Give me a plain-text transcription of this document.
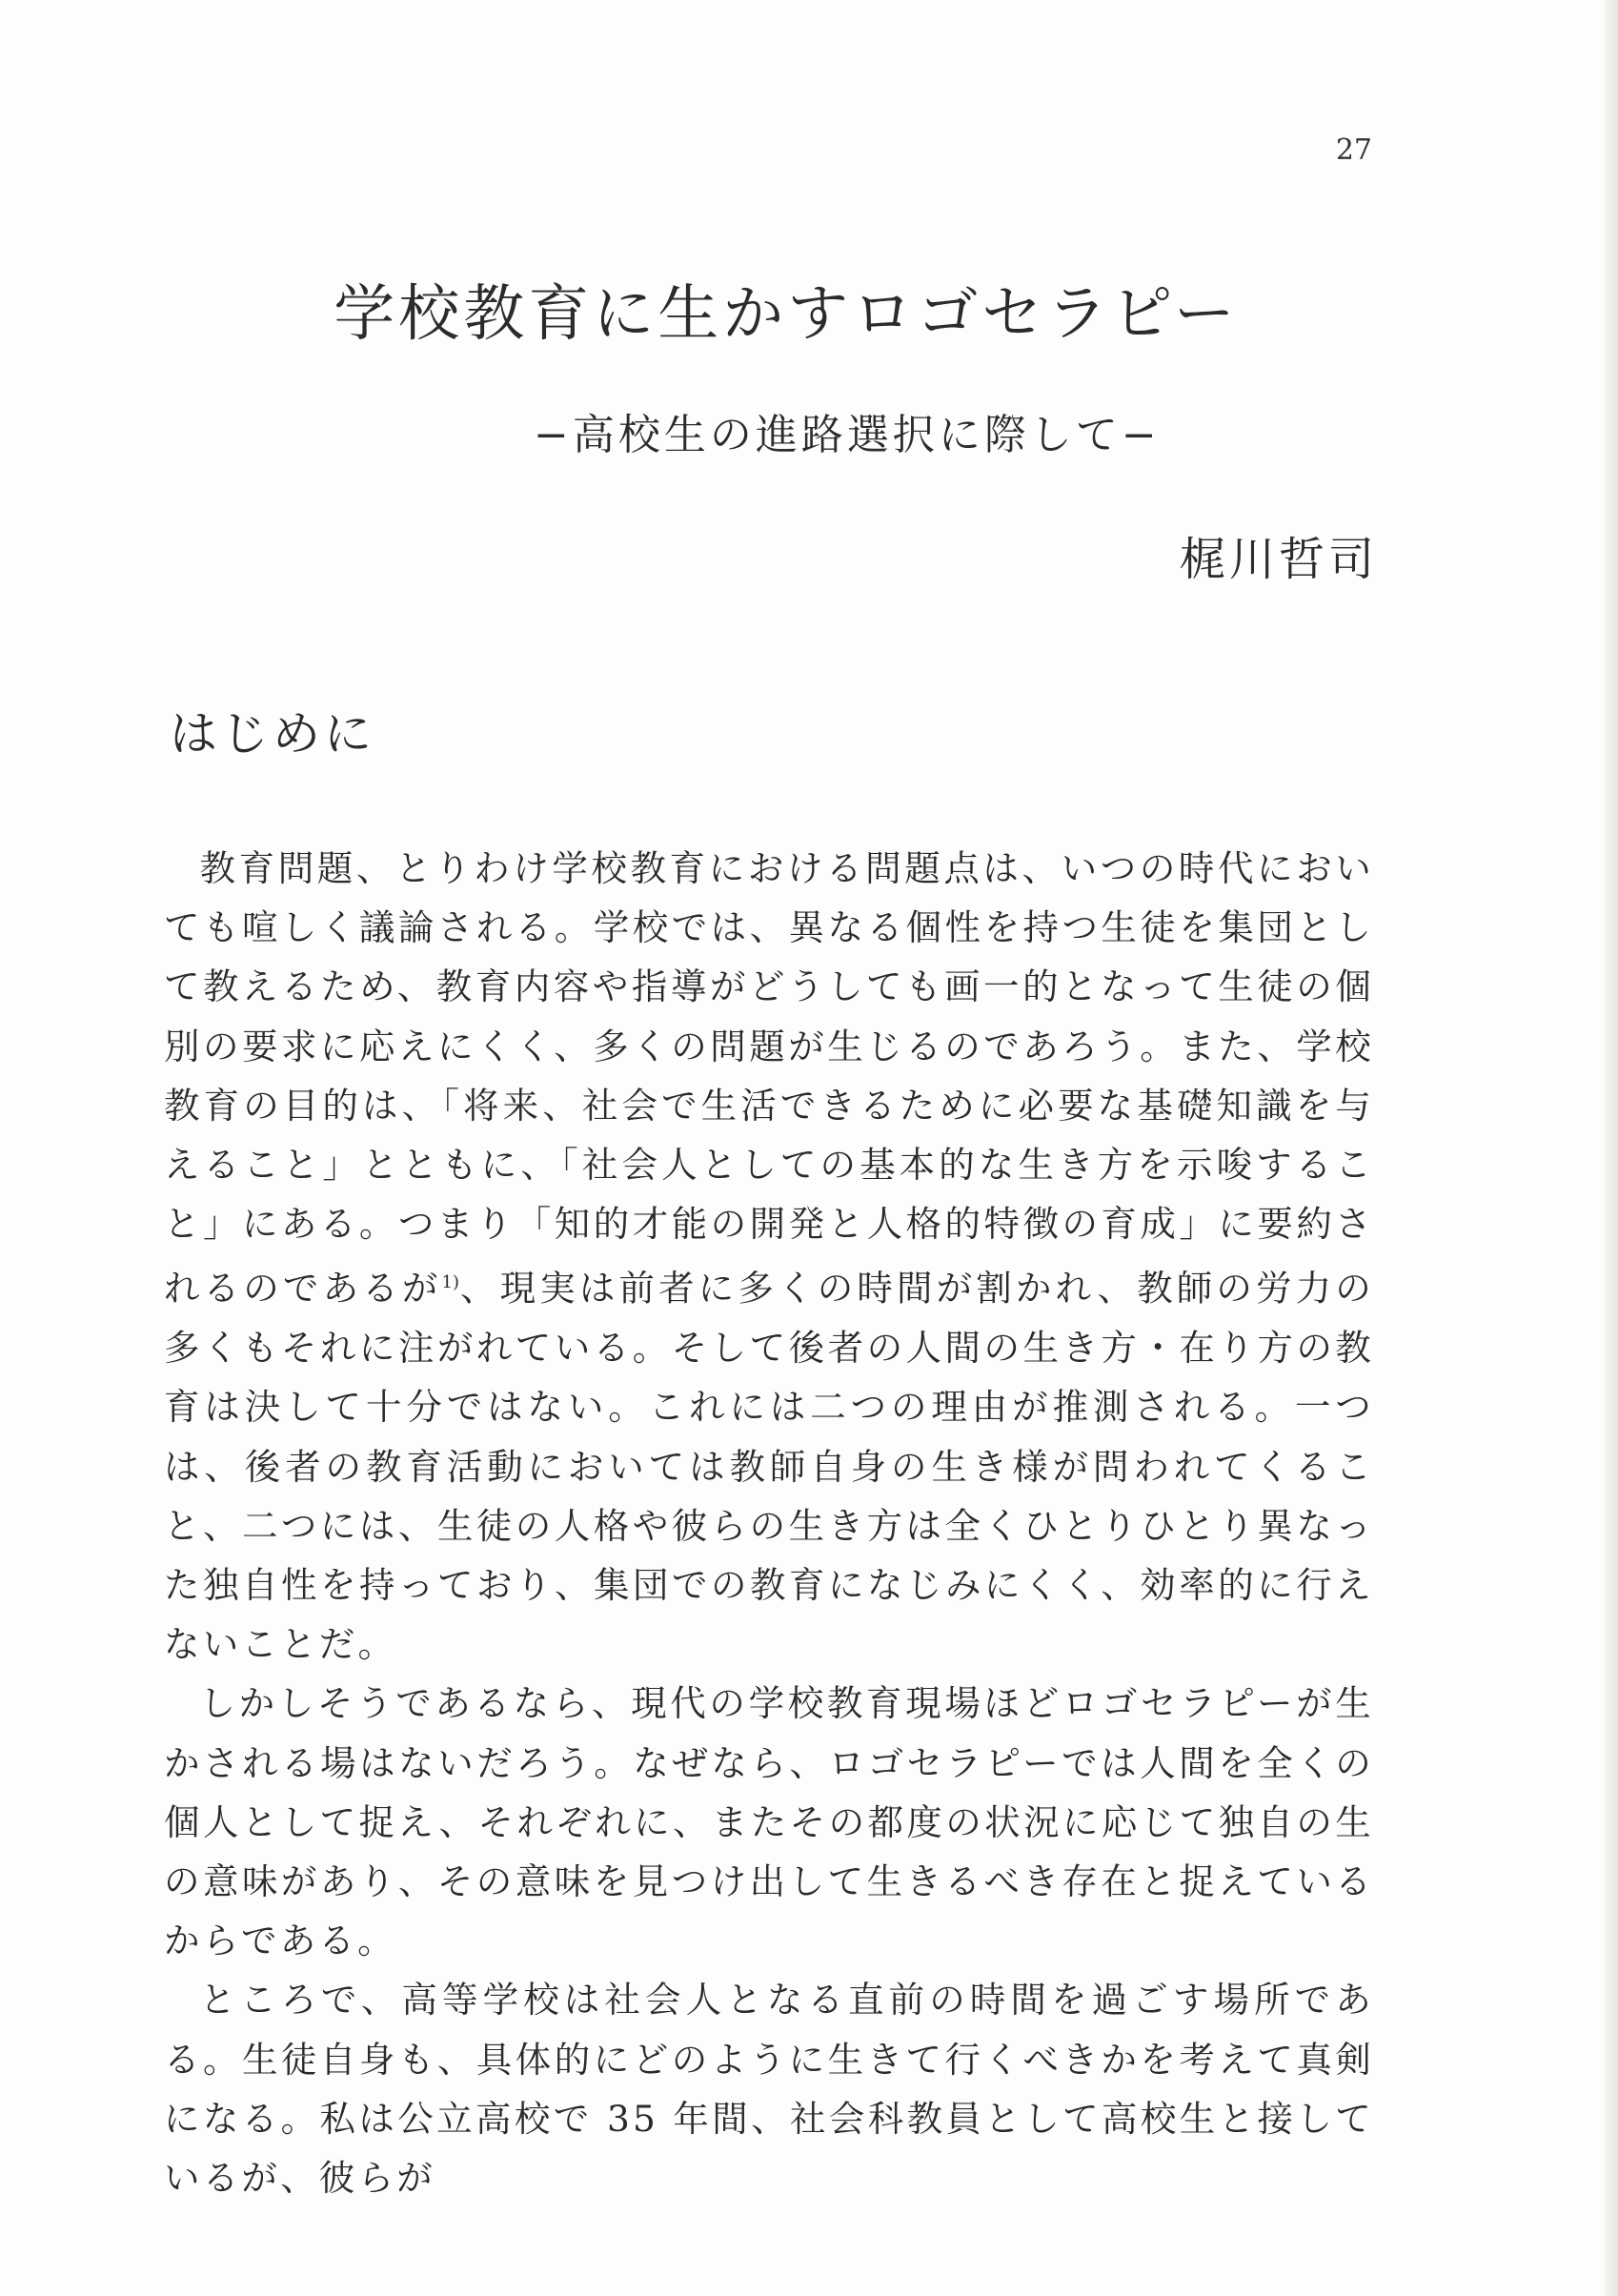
27
学校教育に生かすロゴセラピー
−高校生の進路選択に際して−
梶川哲司
はじめに

教育問題、とりわけ学校教育における問題点は、いつの時代においても喧しく議論される。学校では、異なる個性を持つ生徒を集団として教えるため、教育内容や指導がどうしても画一的となって生徒の個別の要求に応えにくく、多くの問題が生じるのであろう。また、学校教育の目的は、「将来、社会で生活できるために必要な基礎知識を与えること」とともに、「社会人としての基本的な生き方を示唆すること」にある。つまり「知的才能の開発と人格的特徴の育成」に要約されるのであるが$^{1)}$、現実は前者に多くの時間が割かれ、教師の労力の多くもそれに注がれている。そして後者の人間の生き方・在り方の教育は決して十分ではない。これには二つの理由が推測される。一つは、後者の教育活動においては教師自身の生き様が問われてくること、二つには、生徒の人格や彼らの生き方は全くひとりひとり異なった独自性を持っており、集団での教育になじみにくく、効率的に行えないことだ。

しかしそうであるなら、現代の学校教育現場ほどロゴセラピーが生かされる場はないだろう。なぜなら、ロゴセラピーでは人間を全くの個人として捉え、それぞれに、またその都度の状況に応じて独自の生の意味があり、その意味を見つけ出して生きるべき存在と捉えているからである。

ところで、高等学校は社会人となる直前の時間を過ごす場所である。生徒自身も、具体的にどのように生きて行くべきかを考えて真剣になる。私は公立高校で 35 年間、社会科教員として高校生と接しているが、彼らが
